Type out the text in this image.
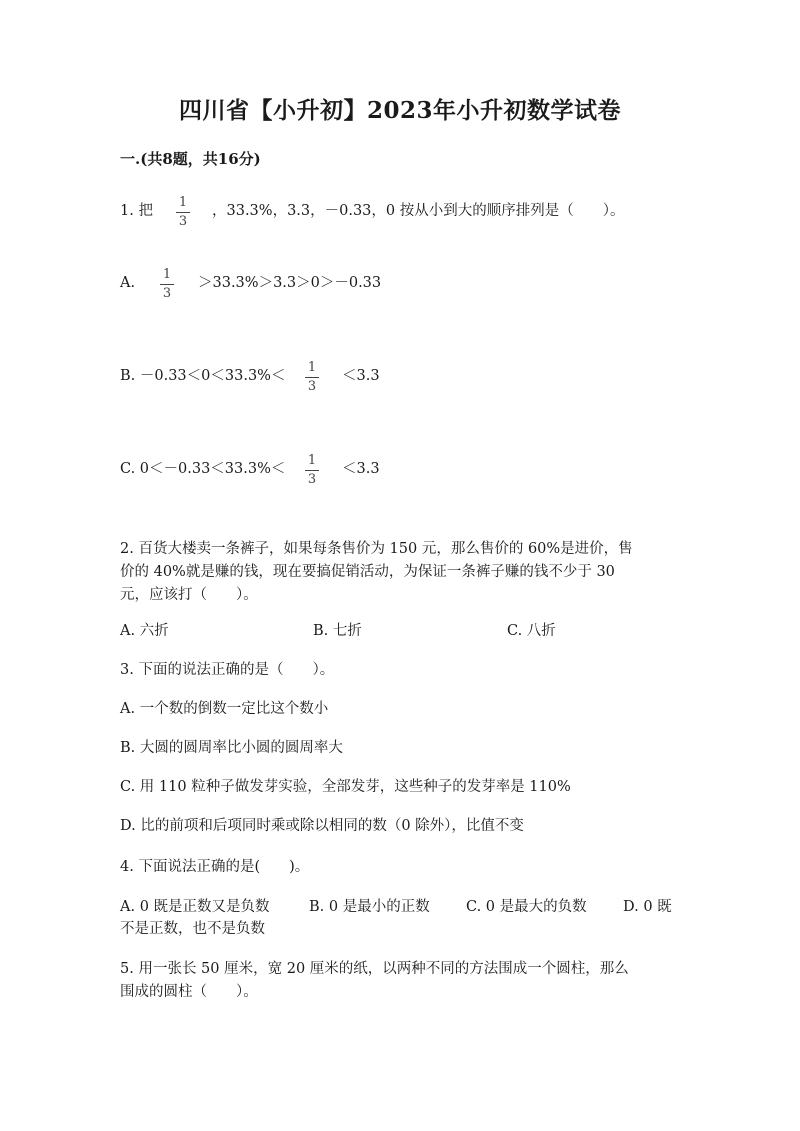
四川省【小升初】2023年小升初数学试卷
一.(共8题，共16分)
1. 把
1
3
，33.3%，3.3，－0.33，0 按从小到大的顺序排列是（　　）。
A.
1
3
＞33.3%＞3.3＞0＞－0.33
B. －0.33＜0＜33.3%＜
1
3
＜3.3
C. 0＜－0.33＜33.3%＜
1
3
＜3.3
2. 百货大楼卖一条裤子，如果每条售价为 150 元，那么售价的 60%是进价，售
价的 40%就是赚的钱，现在要搞促销活动，为保证一条裤子赚的钱不少于 30
元，应该打（　　）。
A. 六折	B. 七折	C. 八折
3. 下面的说法正确的是（　　）。
A. 一个数的倒数一定比这个数小
B. 大圆的圆周率比小圆的圆周率大
C. 用 110 粒种子做发芽实验，全部发芽，这些种子的发芽率是 110%
D. 比的前项和后项同时乘或除以相同的数（0 除外），比值不变
4. 下面说法正确的是(　　)。
A. 0 既是正数又是负数	B. 0 是最小的正数	C. 0 是最大的负数	D. 0 既
不是正数，也不是负数
5. 用一张长 50 厘米，宽 20 厘米的纸，以两种不同的方法围成一个圆柱，那么
围成的圆柱（　　）。
